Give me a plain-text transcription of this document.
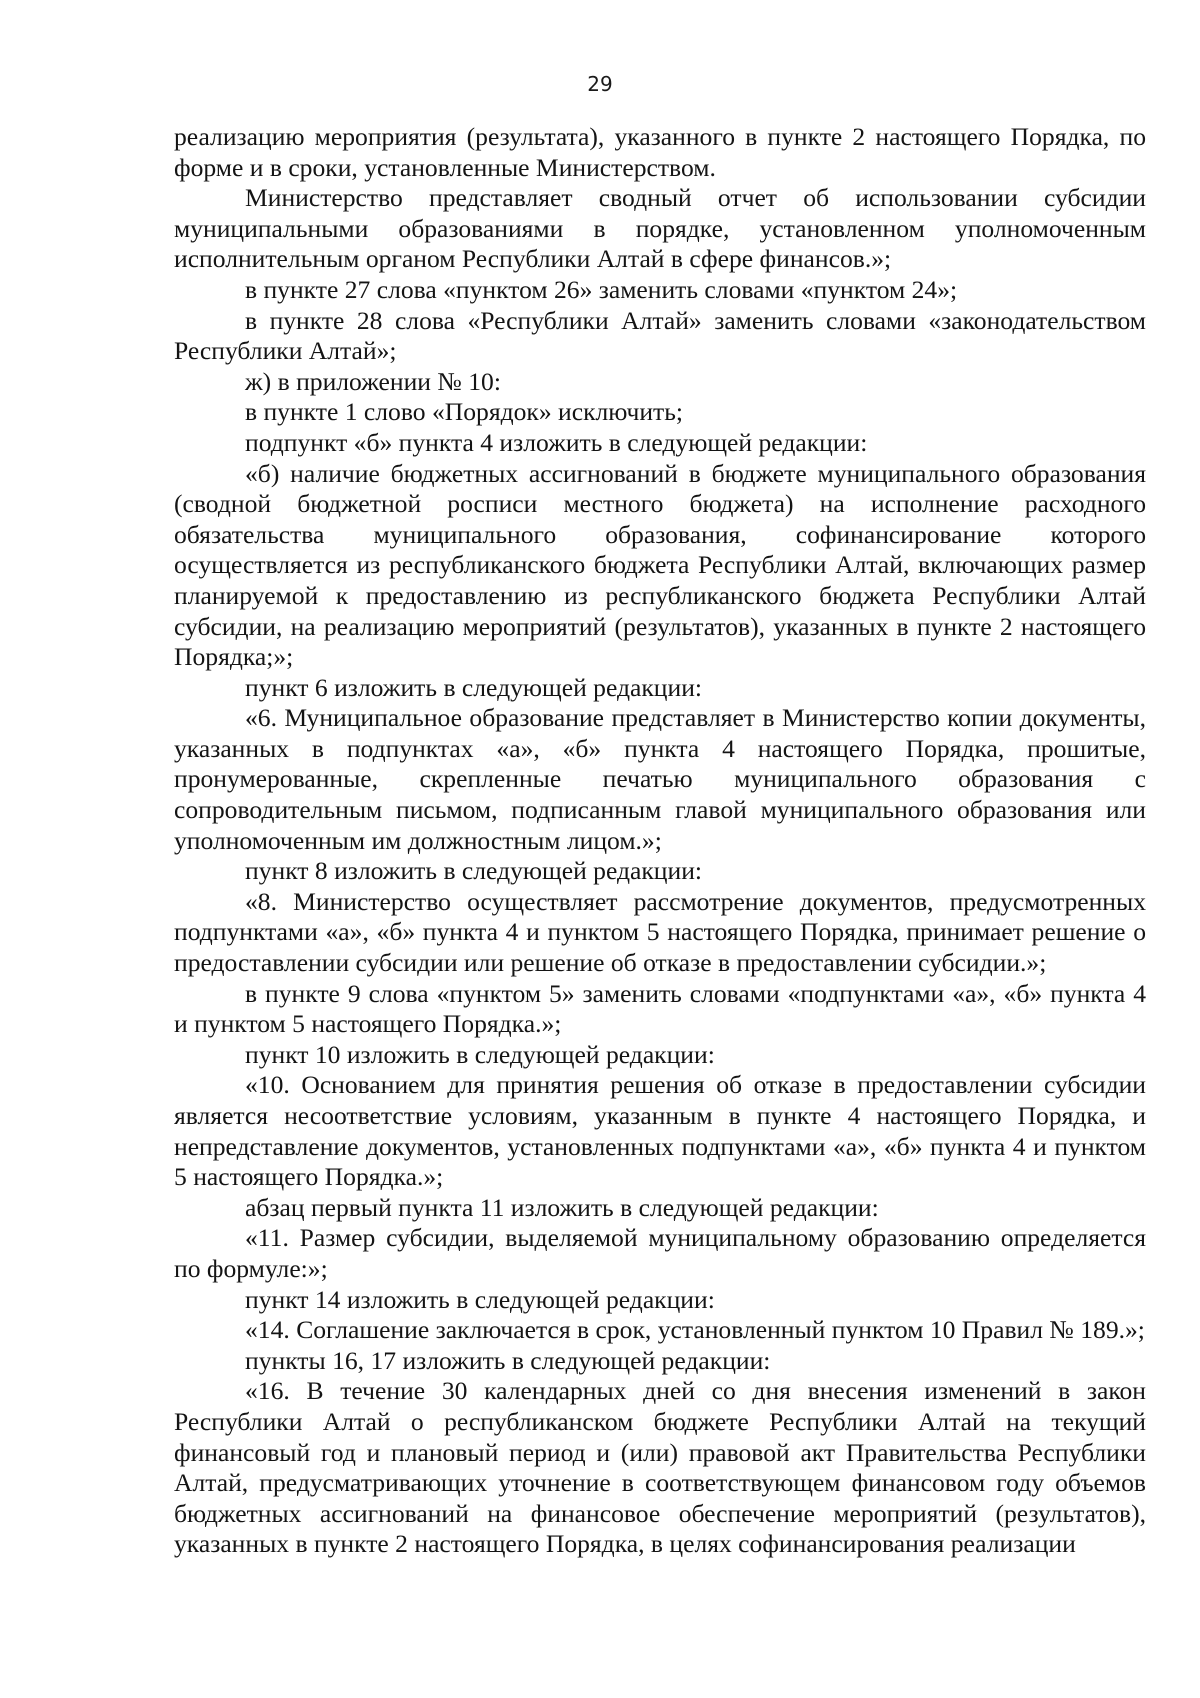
29

реализацию мероприятия (результата), указанного в пункте 2 настоящего Порядка, по форме и в сроки, установленные Министерством.

Министерство представляет сводный отчет об использовании субсидии муниципальными образованиями в порядке, установленном уполномоченным исполнительным органом Республики Алтай в сфере финансов.»;

в пункте 27 слова «пунктом 26» заменить словами «пунктом 24»;

в пункте 28 слова «Республики Алтай» заменить словами «законодательством Республики Алтай»;

ж) в приложении № 10:

в пункте 1 слово «Порядок» исключить;

подпункт «б» пункта 4 изложить в следующей редакции:

«б) наличие бюджетных ассигнований в бюджете муниципального образования (сводной бюджетной росписи местного бюджета) на исполнение расходного обязательства муниципального образования, софинансирование которого осуществляется из республиканского бюджета Республики Алтай, включающих размер планируемой к предоставлению из республиканского бюджета Республики Алтай субсидии, на реализацию мероприятий (результатов), указанных в пункте 2 настоящего Порядка;»;

пункт 6 изложить в следующей редакции:

«6. Муниципальное образование представляет в Министерство копии документы, указанных в подпунктах «а», «б» пункта 4 настоящего Порядка, прошитые, пронумерованные, скрепленные печатью муниципального образования с сопроводительным письмом, подписанным главой муниципального образования или уполномоченным им должностным лицом.»;

пункт 8 изложить в следующей редакции:

«8. Министерство осуществляет рассмотрение документов, предусмотренных подпунктами «а», «б» пункта 4 и пунктом 5 настоящего Порядка, принимает решение о предоставлении субсидии или решение об отказе в предоставлении субсидии.»;

в пункте 9 слова «пунктом 5» заменить словами «подпунктами «а», «б» пункта 4 и пунктом 5 настоящего Порядка.»;

пункт 10 изложить в следующей редакции:

«10. Основанием для принятия решения об отказе в предоставлении субсидии является несоответствие условиям, указанным в пункте 4 настоящего Порядка, и непредставление документов, установленных подпунктами «а», «б» пункта 4 и пунктом 5 настоящего Порядка.»;

абзац первый пункта 11 изложить в следующей редакции:

«11. Размер субсидии, выделяемой муниципальному образованию определяется по формуле:»;

пункт 14 изложить в следующей редакции:

«14. Соглашение заключается в срок, установленный пунктом 10 Правил № 189.»;

пункты 16, 17 изложить в следующей редакции:

«16. В течение 30 календарных дней со дня внесения изменений в закон Республики Алтай о республиканском бюджете Республики Алтай на текущий финансовый год и плановый период и (или) правовой акт Правительства Республики Алтай, предусматривающих уточнение в соответствующем финансовом году объемов бюджетных ассигнований на финансовое обеспечение мероприятий (результатов), указанных в пункте 2 настоящего Порядка, в целях софинансирования реализации
